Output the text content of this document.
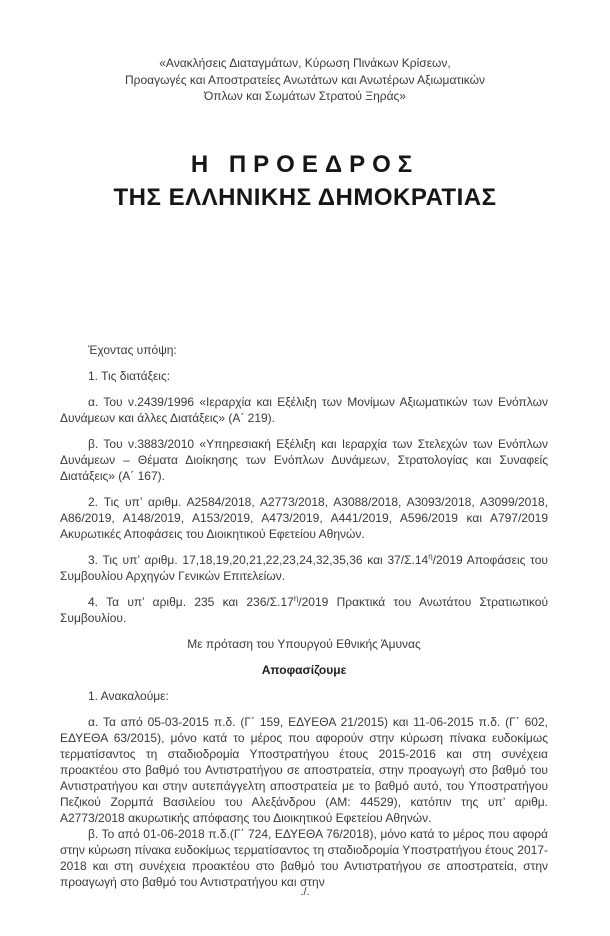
«Ανακλήσεις Διαταγμάτων, Κύρωση Πινάκων Κρίσεων,
Προαγωγές και Αποστρατείες Ανωτάτων και Ανωτέρων Αξιωματικών
Όπλων και Σωμάτων Στρατού Ξηράς»
Η ΠΡΟΕΔΡΟΣ
ΤΗΣ ΕΛΛΗΝΙΚΗΣ ΔΗΜΟΚΡΑΤΙΑΣ

Έχοντας υπόψη:

1. Τις διατάξεις:

α. Του ν.2439/1996 «Ιεραρχία και Εξέλιξη των Μονίμων Αξιωματικών των Ενόπλων Δυνάμεων και άλλες Διατάξεις» (Α΄ 219).

β. Του ν.3883/2010 «Υπηρεσιακή Εξέλιξη και Ιεραρχία των Στελεχών των Ενόπλων Δυνάμεων – Θέματα Διοίκησης των Ενόπλων Δυνάμεων, Στρατολογίας και Συναφείς Διατάξεις» (Α΄ 167).

2. Τις υπ’ αριθμ. Α2584/2018, Α2773/2018, Α3088/2018, Α3093/2018, Α3099/2018, Α86/2019, Α148/2019, Α153/2019, Α473/2019, Α441/2019, Α596/2019 και Α797/2019 Ακυρωτικές Αποφάσεις του Διοικητικού Εφετείου Αθηνών.

3. Τις υπ’ αριθμ. 17,18,19,20,21,22,23,24,32,35,36 και $37/\Sigma.14^\eta/2019$ Αποφάσεις του Συμβουλίου Αρχηγών Γενικών Επιτελείων.

4. Τα υπ’ αριθμ. 235 και $236/\Sigma.17^\eta/2019$ Πρακτικά του Ανωτάτου Στρατιωτικού Συμβουλίου.

Με πρόταση του Υπουργού Εθνικής Άμυνας

Αποφασίζουμε

1. Ανακαλούμε:

α. Τα από 05-03-2015 π.δ. (Γ΄ 159, ΕΔΥΕΘΑ 21/2015) και 11-06-2015 π.δ. (Γ΄ 602, ΕΔΥΕΘΑ 63/2015), μόνο κατά το μέρος που αφορούν στην κύρωση πίνακα ευδοκίμως τερματίσαντος τη σταδιοδρομία Υποστρατήγου έτους 2015-2016 και στη συνέχεια προακτέου στο βαθμό του Αντιστρατήγου σε αποστρατεία, στην προαγωγή στο βαθμό του Αντιστρατήγου και στην αυτεπάγγελτη αποστρατεία με το βαθμό αυτό, του Υποστρατήγου Πεζικού Ζορμπά Βασιλείου του Αλεξάνδρου (ΑΜ: 44529), κατόπιν της υπ’ αριθμ. Α2773/2018 ακυρωτικής απόφασης του Διοικητικού Εφετείου Αθηνών.

β. Το από 01-06-2018 π.δ.(Γ΄ 724, ΕΔΥΕΘΑ 76/2018), μόνο κατά το μέρος που αφορά στην κύρωση πίνακα ευδοκίμως τερματίσαντος τη σταδιοδρομία Υποστρατήγου έτους 2017-2018 και στη συνέχεια προακτέου στο βαθμό του Αντιστρατήγου σε αποστρατεία, στην προαγωγή στο βαθμό του Αντιστρατήγου και στην

./.
